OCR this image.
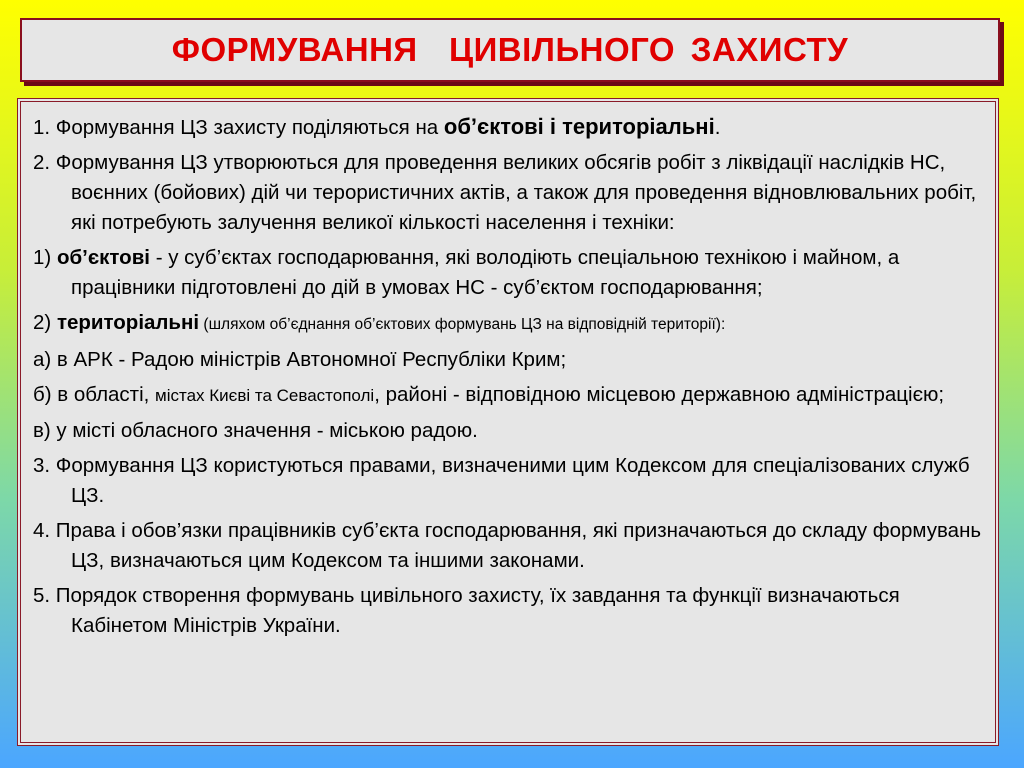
ФОРМУВАННЯ  ЦИВІЛЬНОГО ЗАХИСТУ

1. Формування ЦЗ захисту поділяються на об’єктові і територіальні.

2. Формування ЦЗ утворюються для проведення великих обсягів робіт з ліквідації наслідків НС, воєнних (бойових) дій чи терористичних актів, а також для проведення відновлювальних робіт, які потребують залучення великої кількості населення і техніки:

1) об’єктові - у суб’єктах господарювання, які володіють спеціальною технікою і майном, а працівники підготовлені до дій в умовах НС - суб’єктом господарювання;

2) територіальні (шляхом об’єднання об’єктових формувань ЦЗ на відповідній території):

а) в АРК - Радою міністрів Автономної Республіки Крим;

б) в області, містах Києві та Севастополі, районі - відповідною місцевою державною адміністрацією;

в) у місті обласного значення - міською радою.

3. Формування ЦЗ користуються правами, визначеними цим Кодексом для спеціалізованих служб ЦЗ.

4. Права і обов’язки працівників суб’єкта господарювання, які призначаються до складу формувань ЦЗ, визначаються цим Кодексом та іншими законами.

5. Порядок створення формувань цивільного захисту, їх завдання та функції визначаються Кабінетом Міністрів України.
